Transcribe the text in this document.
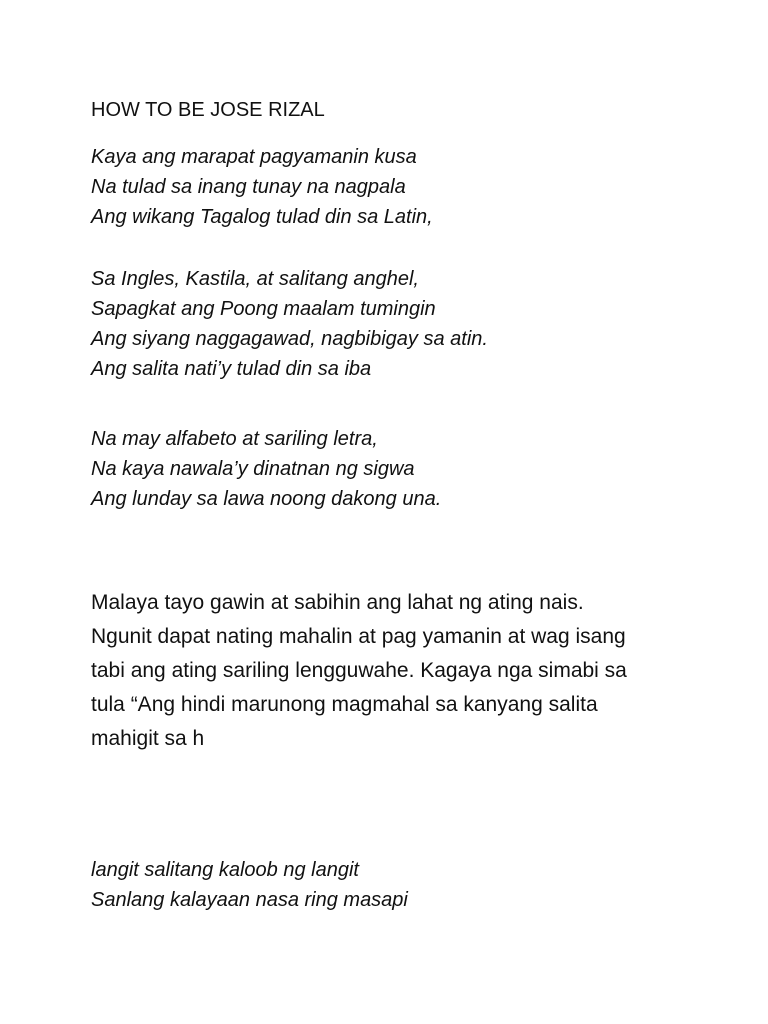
HOW TO BE JOSE RIZAL
Kaya ang marapat pagyamanin kusa
Na tulad sa inang tunay na nagpala
Ang wikang Tagalog tulad din sa Latin,
Sa Ingles, Kastila, at salitang anghel,
Sapagkat ang Poong maalam tumingin
Ang siyang naggagawad, nagbibigay sa atin.
Ang salita nati’y tulad din sa iba
Na may alfabeto at sariling letra,
Na kaya nawala’y dinatnan ng sigwa
Ang lunday sa lawa noong dakong una.
Malaya tayo gawin at sabihin ang lahat ng ating nais.
Ngunit dapat nating mahalin at pag yamanin at wag isang
tabi ang ating sariling lengguwahe. Kagaya nga simabi sa
tula “Ang hindi marunong magmahal sa kanyang salita
mahigit sa h
langit salitang kaloob ng langit
Sanlang kalayaan nasa ring masapi
